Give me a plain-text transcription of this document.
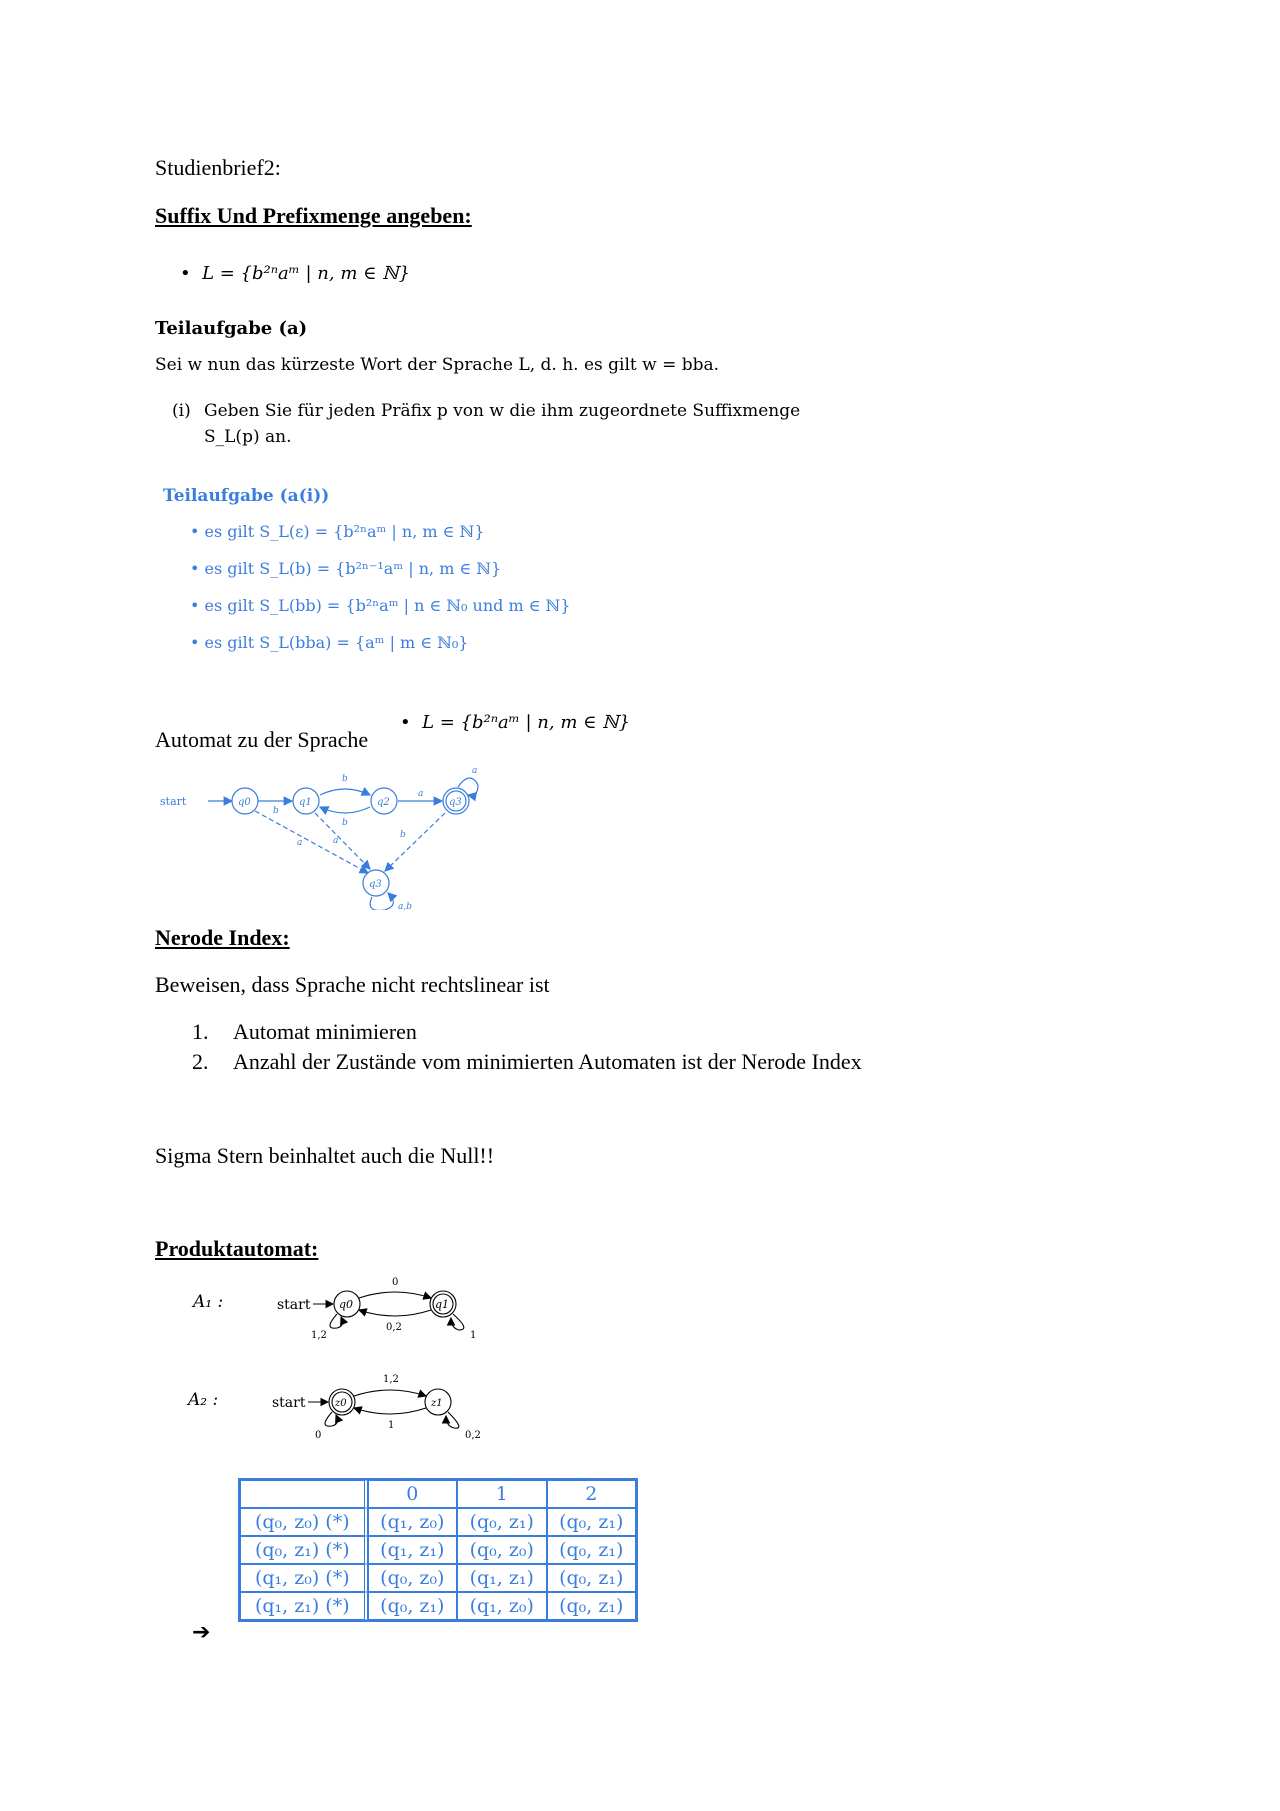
Studienbrief2:
Suffix Und Prefixmenge angeben:
•  L = {b²ⁿaᵐ | n, m ∈ ℕ}
Teilaufgabe (a)
Sei w nun das kürzeste Wort der Sprache L, d. h. es gilt w = bba.
(i) Geben Sie für jeden Präfix p von w die ihm zugeordnete Suffixmenge
S_L(p) an.
Teilaufgabe (a(i))
• es gilt S_L(ε) = {b²ⁿaᵐ | n, m ∈ ℕ}
• es gilt S_L(b) = {b²ⁿ⁻¹aᵐ | n, m ∈ ℕ}
• es gilt S_L(bb) = {b²ⁿaᵐ | n ∈ ℕ₀ und m ∈ ℕ}
• es gilt S_L(bba) = {aᵐ | m ∈ ℕ₀}
Automat zu der Sprache
•  L = {b²ⁿaᵐ | n, m ∈ ℕ}
start	q0	q1	q2	q3
q3
b
b
b
a
a
a	a
b
a,b
Nerode Index:
Beweisen, dass Sprache nicht rechtslinear ist
1. Automat minimieren
2. Anzahl der Zustände vom minimierten Automaten ist der Nerode Index
Sigma Stern beinhaltet auch die Null!!
Produktautomat:
A₁ :	start	q0	q1
0
0,2
1,2	1
A₂ :	start	z0	z1
1,2
1
0	0,2
	0	1	2
(q₀, z₀) (*)	(q₁, z₀)	(q₀, z₁)	(q₀, z₁)
(q₀, z₁) (*)	(q₁, z₁)	(q₀, z₀)	(q₀, z₁)
(q₁, z₀) (*)	(q₀, z₀)	(q₁, z₁)	(q₀, z₁)
(q₁, z₁) (*)	(q₀, z₁)	(q₁, z₀)	(q₀, z₁)
➔
